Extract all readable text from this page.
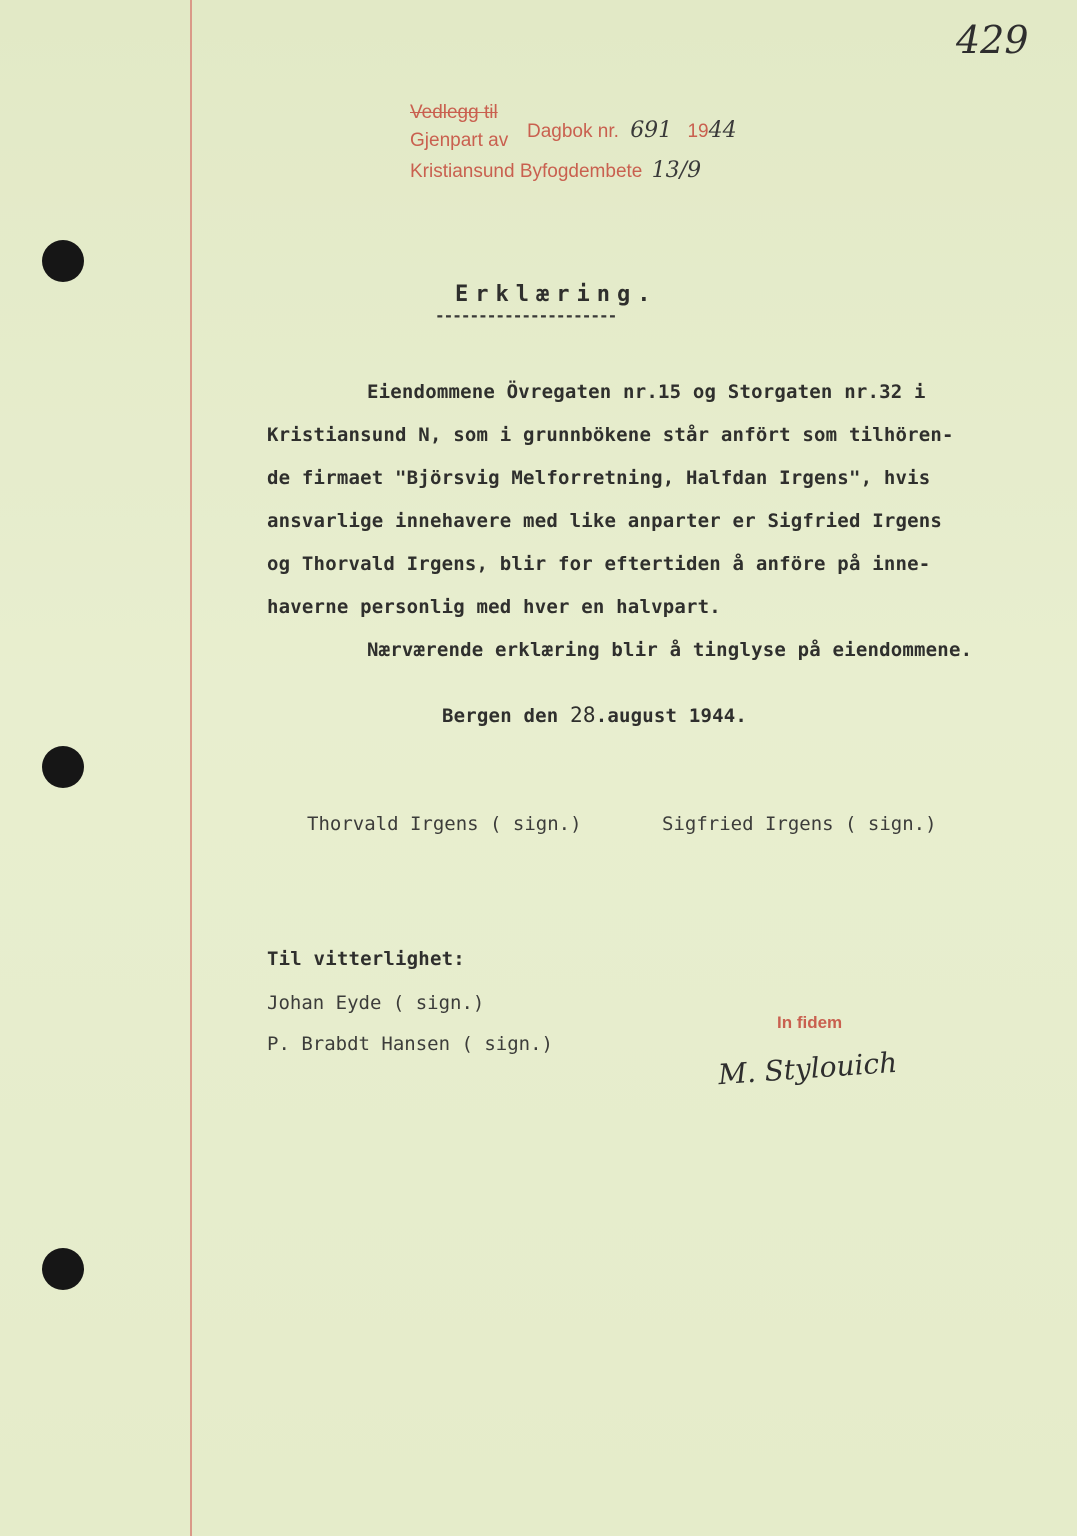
429
Vedlegg til
Gjenpart av Dagbok nr. 691 1944
Kristiansund Byfogdembete 13/9
Erklæring.
---------------------
Eiendommene Övregaten nr.15 og Storgaten nr.32 i
Kristiansund N, som i grunnbökene står anfört som tilhören-
de firmaet "Björsvig Melforretning, Halfdan Irgens", hvis
ansvarlige innehavere med like anparter er Sigfried Irgens
og Thorvald Irgens, blir for eftertiden å anföre på inne-
haverne personlig med hver en halvpart.
Nærværende erklæring blir å tinglyse på eiendommene.
Bergen den 28.august 1944.
Thorvald Irgens ( sign.)	Sigfried Irgens ( sign.)
Til vitterlighet:
Johan Eyde ( sign.)
P. Brabdt Hansen ( sign.)
In fidem
M. Stylouich
